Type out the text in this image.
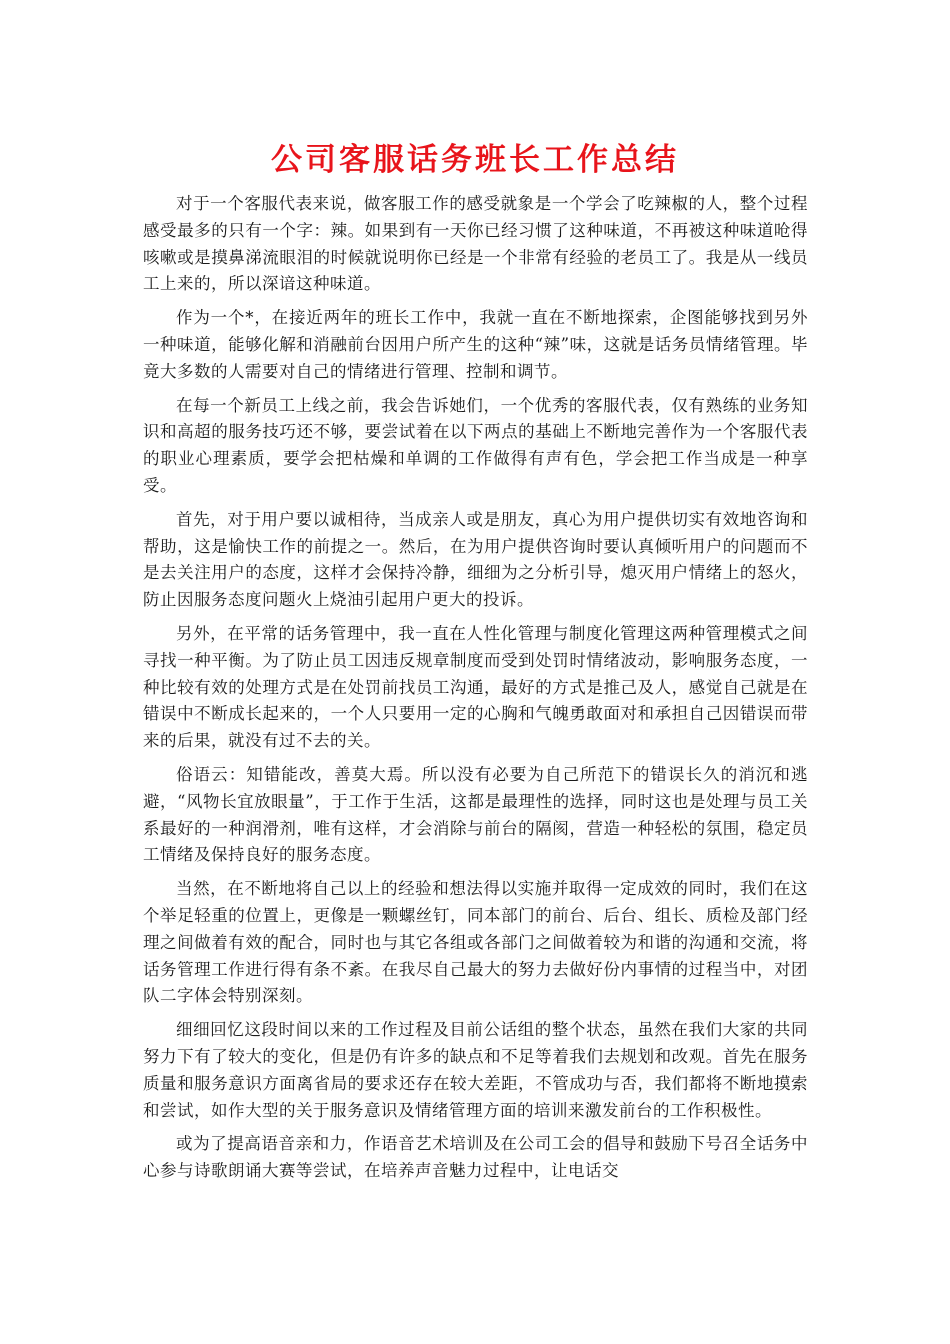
公司客服话务班长工作总结

对于一个客服代表来说，做客服工作的感受就象是一个学会了吃辣椒的人，整个过程感受最多的只有一个字：辣。如果到有一天你已经习惯了这种味道，不再被这种味道呛得咳嗽或是摸鼻涕流眼泪的时候就说明你已经是一个非常有经验的老员工了。我是从一线员工上来的，所以深谙这种味道。

作为一个*，在接近两年的班长工作中，我就一直在不断地探索，企图能够找到另外一种味道，能够化解和消融前台因用户所产生的这种“辣”味，这就是话务员情绪管理。毕竟大多数的人需要对自己的情绪进行管理、控制和调节。

在每一个新员工上线之前，我会告诉她们，一个优秀的客服代表，仅有熟练的业务知识和高超的服务技巧还不够，要尝试着在以下两点的基础上不断地完善作为一个客服代表的职业心理素质，要学会把枯燥和单调的工作做得有声有色，学会把工作当成是一种享受。

首先，对于用户要以诚相待，当成亲人或是朋友，真心为用户提供切实有效地咨询和帮助，这是愉快工作的前提之一。然后，在为用户提供咨询时要认真倾听用户的问题而不是去关注用户的态度，这样才会保持冷静，细细为之分析引导，熄灭用户情绪上的怒火，防止因服务态度问题火上烧油引起用户更大的投诉。

另外，在平常的话务管理中，我一直在人性化管理与制度化管理这两种管理模式之间寻找一种平衡。为了防止员工因违反规章制度而受到处罚时情绪波动，影响服务态度，一种比较有效的处理方式是在处罚前找员工沟通，最好的方式是推己及人，感觉自己就是在错误中不断成长起来的，一个人只要用一定的心胸和气魄勇敢面对和承担自己因错误而带来的后果，就没有过不去的关。

俗语云：知错能改，善莫大焉。所以没有必要为自己所范下的错误长久的消沉和逃避，“风物长宜放眼量”，于工作于生活，这都是最理性的选择，同时这也是处理与员工关系最好的一种润滑剂，唯有这样，才会消除与前台的隔阂，营造一种轻松的氛围，稳定员工情绪及保持良好的服务态度。

当然，在不断地将自己以上的经验和想法得以实施并取得一定成效的同时，我们在这个举足轻重的位置上，更像是一颗螺丝钉，同本部门的前台、后台、组长、质检及部门经理之间做着有效的配合，同时也与其它各组或各部门之间做着较为和谐的沟通和交流，将话务管理工作进行得有条不紊。在我尽自己最大的努力去做好份内事情的过程当中，对团队二字体会特别深刻。

细细回忆这段时间以来的工作过程及目前公话组的整个状态，虽然在我们大家的共同努力下有了较大的变化，但是仍有许多的缺点和不足等着我们去规划和改观。首先在服务质量和服务意识方面离省局的要求还存在较大差距，不管成功与否，我们都将不断地摸索和尝试，如作大型的关于服务意识及情绪管理方面的培训来激发前台的工作积极性。

或为了提高语音亲和力，作语音艺术培训及在公司工会的倡导和鼓励下号召全话务中心参与诗歌朗诵大赛等尝试，在培养声音魅力过程中，让电话交
